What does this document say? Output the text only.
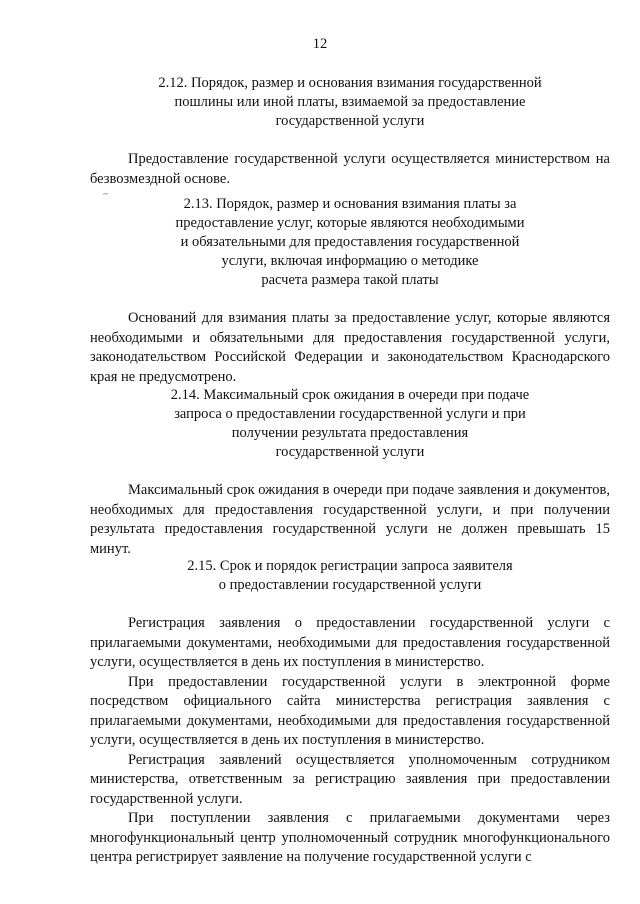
12
~
2.12. Порядок, размер и основания взимания государственной
пошлины или иной платы, взимаемой за предоставление
государственной услуги

Предоставление государственной услуги осуществляется министерством на безвозмездной основе.

2.13. Порядок, размер и основания взимания платы за
предоставление услуг, которые являются необходимыми
и обязательными для предоставления государственной
услуги, включая информацию о методике
расчета размера такой платы

Оснований для взимания платы за предоставление услуг, которые являются необходимыми и обязательными для предоставления государственной услуги, законодательством Российской Федерации и законодательством Краснодарского края не предусмотрено.

2.14. Максимальный срок ожидания в очереди при подаче
запроса о предоставлении государственной услуги и при
получении результата предоставления
государственной услуги

Максимальный срок ожидания в очереди при подаче заявления и документов, необходимых для предоставления государственной услуги, и при получении результата предоставления государственной услуги не должен превышать 15 минут.

2.15. Срок и порядок регистрации запроса заявителя
о предоставлении государственной услуги

Регистрация заявления о предоставлении государственной услуги с прилагаемыми документами, необходимыми для предоставления государственной услуги, осуществляется в день их поступления в министерство.

При предоставлении государственной услуги в электронной форме посредством официального сайта министерства регистрация заявления с прилагаемыми документами, необходимыми для предоставления государственной услуги, осуществляется в день их поступления в министерство.

Регистрация заявлений осуществляется уполномоченным сотрудником министерства, ответственным за регистрацию заявления при предоставлении государственной услуги.

При поступлении заявления с прилагаемыми документами через многофункциональный центр уполномоченный сотрудник многофункционального центра регистрирует заявление на получение государственной услуги с
